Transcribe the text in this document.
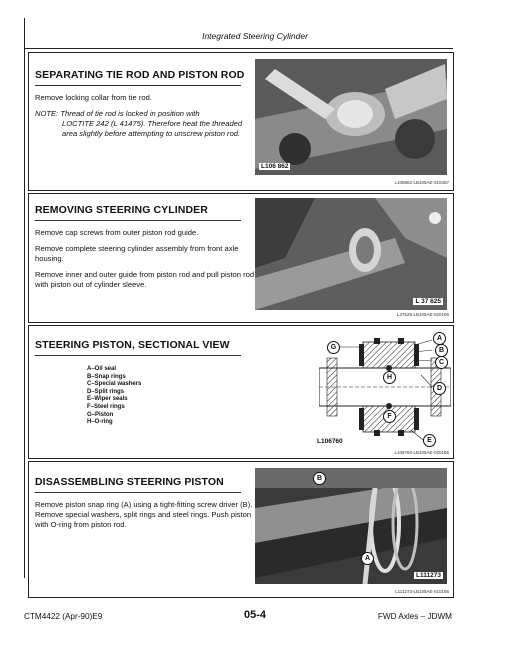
Integrated Steering Cylinder
SEPARATING TIE ROD AND PISTON ROD

Remove locking collar from tie rod.

NOTE: Thread of tie rod is locked in position with

LOCTITE 242 (L 41475). Therefore heat the threaded area slightly before attempting to unscrew piston rod.

L106 862
L106862-LB105AE-010487
REMOVING STEERING CYLINDER

Remove cap screws from outer piston rod guide.

Remove complete steering cylinder assembly from front axle housing.

Remove inner and outer guide from piston rod and pull piston rod with piston out of cylinder sleeve.

L 37 625
L37625-LB105AE-020186
STEERING PISTON, SECTIONAL VIEW
A–Oil seal
B–Snap rings
C–Special washers
D–Split rings
E–Wiper seals
F–Steel rings
G–Piston
H–O-ring
A
B
C
D
E
F
G
H
L106760
L106760-LB105AE-020186
DISASSEMBLING STEERING PISTON

Remove piston snap ring (A) using a tight-fitting screw driver (B). Remove special washers, split rings and steel rings. Push piston with O-ring from piston rod.

B
A
L111273
L111273-LB105AE-010186
CTM4422 (Apr-90)E9	05-4	FWD Axles – JDWM
